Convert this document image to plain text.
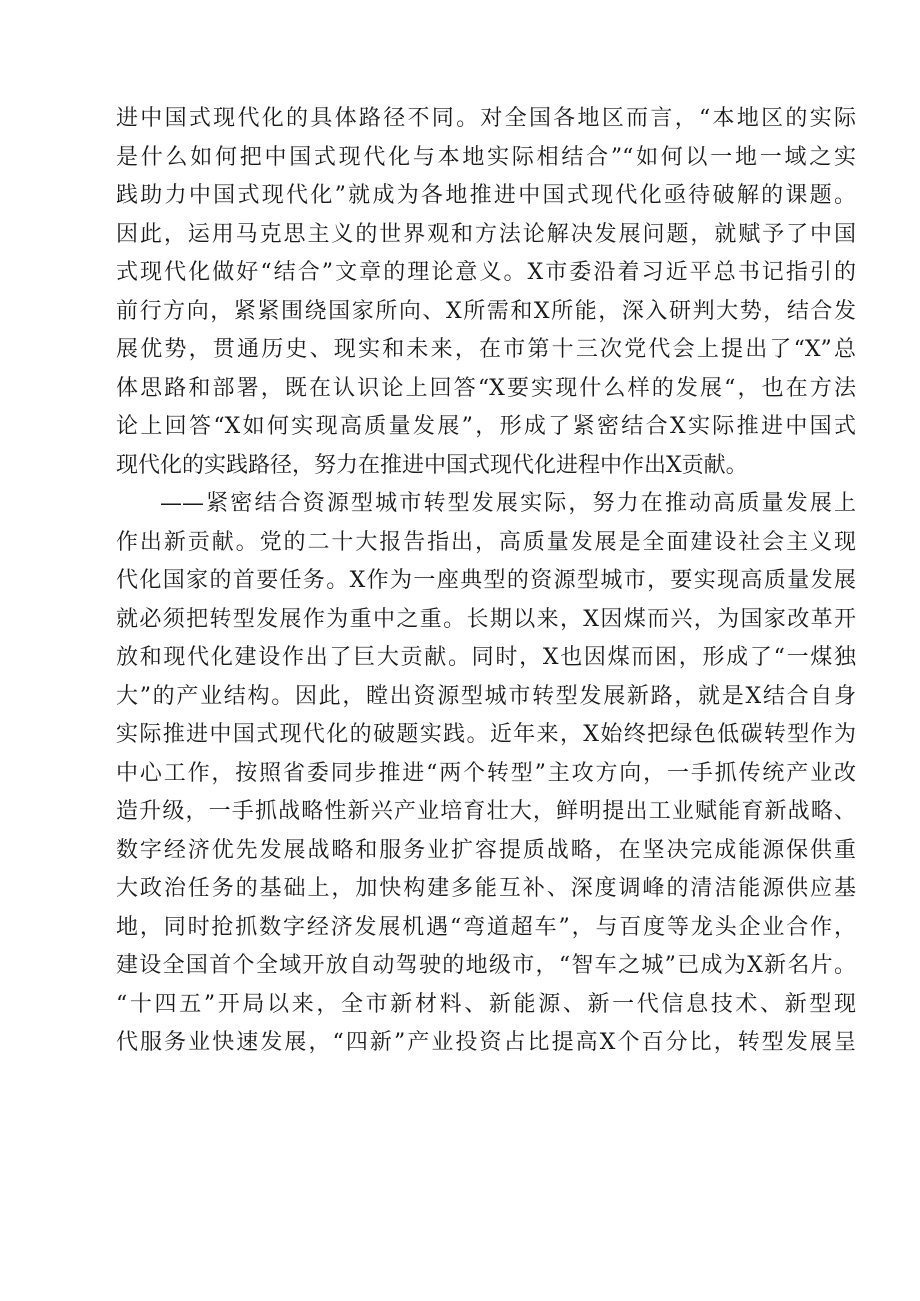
进中国式现代化的具体路径不同。对全国各地区而言，“本地区的实际
是什么如何把中国式现代化与本地实际相结合”“如何以一地一域之实
践助力中国式现代化”就成为各地推进中国式现代化亟待破解的课题。
因此，运用马克思主义的世界观和方法论解决发展问题，就赋予了中国
式现代化做好“结合”文章的理论意义。X市委沿着习近平总书记指引的
前行方向，紧紧围绕国家所向、X所需和X所能，深入研判大势，结合发
展优势，贯通历史、现实和未来，在市第十三次党代会上提出了“X”总
体思路和部署，既在认识论上回答“X要实现什么样的发展“，也在方法
论上回答“X如何实现高质量发展”，形成了紧密结合X实际推进中国式
现代化的实践路径，努力在推进中国式现代化进程中作出X贡献。
——紧密结合资源型城市转型发展实际，努力在推动高质量发展上
作出新贡献。党的二十大报告指出，高质量发展是全面建设社会主义现
代化国家的首要任务。X作为一座典型的资源型城市，要实现高质量发展
就必须把转型发展作为重中之重。长期以来，X因煤而兴，为国家改革开
放和现代化建设作出了巨大贡献。同时，X也因煤而困，形成了“一煤独
大”的产业结构。因此，瞠出资源型城市转型发展新路，就是X结合自身
实际推进中国式现代化的破题实践。近年来，X始终把绿色低碳转型作为
中心工作，按照省委同步推进“两个转型”主攻方向，一手抓传统产业改
造升级，一手抓战略性新兴产业培育壮大，鲜明提出工业赋能育新战略、
数字经济优先发展战略和服务业扩容提质战略，在坚决完成能源保供重
大政治任务的基础上，加快构建多能互补、深度调峰的清洁能源供应基
地，同时抢抓数字经济发展机遇“弯道超车”，与百度等龙头企业合作，
建设全国首个全域开放自动驾驶的地级市，“智车之城”已成为X新名片。
“十四五”开局以来，全市新材料、新能源、新一代信息技术、新型现
代服务业快速发展，“四新”产业投资占比提高X个百分比，转型发展呈
